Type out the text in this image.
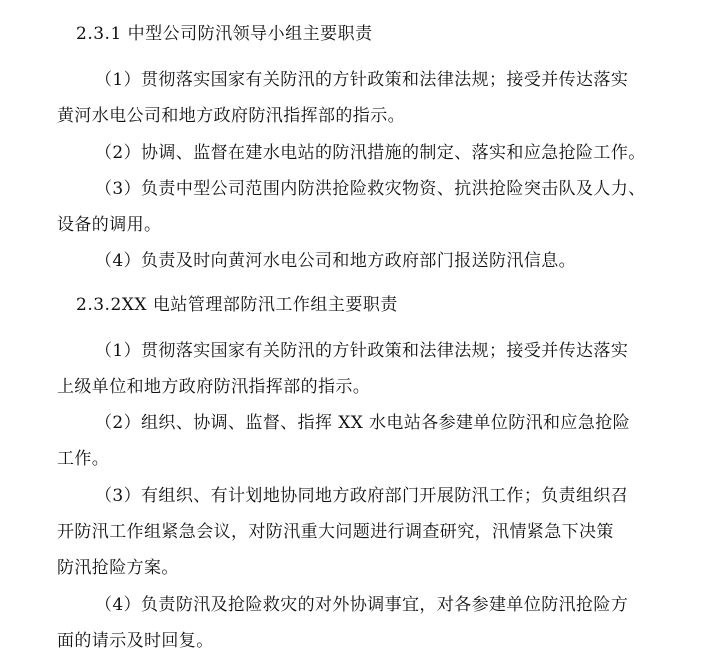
2.3.1 中型公司防汛领导小组主要职责
（1）贯彻落实国家有关防汛的方针政策和法律法规；接受并传达落实
黄河水电公司和地方政府防汛指挥部的指示。
（2）协调、监督在建水电站的防汛措施的制定、落实和应急抢险工作。
（3）负责中型公司范围内防洪抢险救灾物资、抗洪抢险突击队及人力、
设备的调用。
（4）负责及时向黄河水电公司和地方政府部门报送防汛信息。
2.3.2XX 电站管理部防汛工作组主要职责
（1）贯彻落实国家有关防汛的方针政策和法律法规；接受并传达落实
上级单位和地方政府防汛指挥部的指示。
（2）组织、协调、监督、指挥 XX 水电站各参建单位防汛和应急抢险
工作。
（3）有组织、有计划地协同地方政府部门开展防汛工作；负责组织召
开防汛工作组紧急会议，对防汛重大问题进行调查研究，汛情紧急下决策
防汛抢险方案。
（4）负责防汛及抢险救灾的对外协调事宜，对各参建单位防汛抢险方
面的请示及时回复。
